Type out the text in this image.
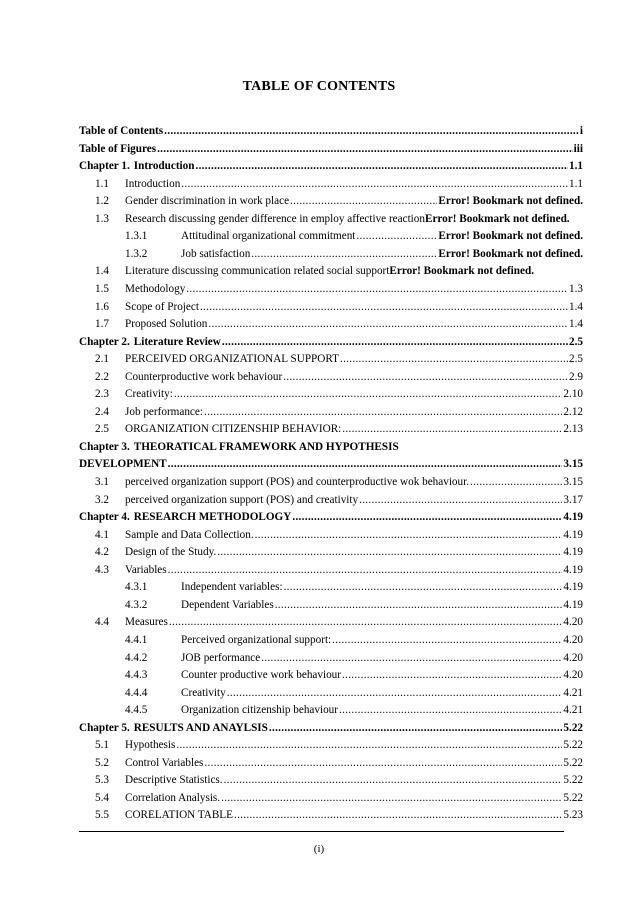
TABLE OF CONTENTS
Table of Contents .....	i
Table of Figures .....	iii
Chapter 1. Introduction .....	1.1
1.1	Introduction .....	1.1
1.2	Gender discrimination in work place .....	Error! Bookmark not defined.
1.3	Research discussing gender difference in employ affective reaction Error! Bookmark not defined.
1.3.1	Attitudinal organizational commitment .....	Error! Bookmark not defined.
1.3.2	Job satisfaction .....	Error! Bookmark not defined.
1.4	Literature discussing communication related social support Error! Bookmark not defined.
1.5	Methodology .....	1.3
1.6	Scope of Project .....	1.4
1.7	Proposed Solution .....	1.4
Chapter 2. Literature Review .....	2.5
2.1	PERCEIVED ORGANIZATIONAL SUPPORT .....	2.5
2.2	Counterproductive work behaviour .....	2.9
2.3	Creativity: .....	2.10
2.4	Job performance: .....	2.12
2.5	ORGANIZATION CITIZENSHIP BEHAVIOR: .....	2.13
Chapter 3. THEORATICAL FRAMEWORK AND HYPOTHESIS
DEVELOPMENT .....	3.15
3.1	perceived organization support (POS) and counterproductive wok behaviour. .....	3.15
3.2	perceived organization support (POS) and creativity .....	3.17
Chapter 4. RESEARCH METHODOLOGY .....	4.19
4.1	Sample and Data Collection. .....	4.19
4.2	Design of the Study. .....	4.19
4.3	Variables .....	4.19
4.3.1	Independent variables: .....	4.19
4.3.2	Dependent Variables .....	4.19
4.4	Measures .....	4.20
4.4.1	Perceived organizational support: .....	4.20
4.4.2	JOB performance .....	4.20
4.4.3	Counter productive work behaviour .....	4.20
4.4.4	Creativity .....	4.21
4.4.5	Organization citizenship behaviour .....	4.21
Chapter 5. RESULTS AND ANAYLSIS .....	5.22
5.1	Hypothesis .....	5.22
5.2	Control Variables .....	5.22
5.3	Descriptive Statistics. .....	5.22
5.4	Correlation Analysis. .....	5.22
5.5	CORELATION TABLE .....	5.23
(i)
